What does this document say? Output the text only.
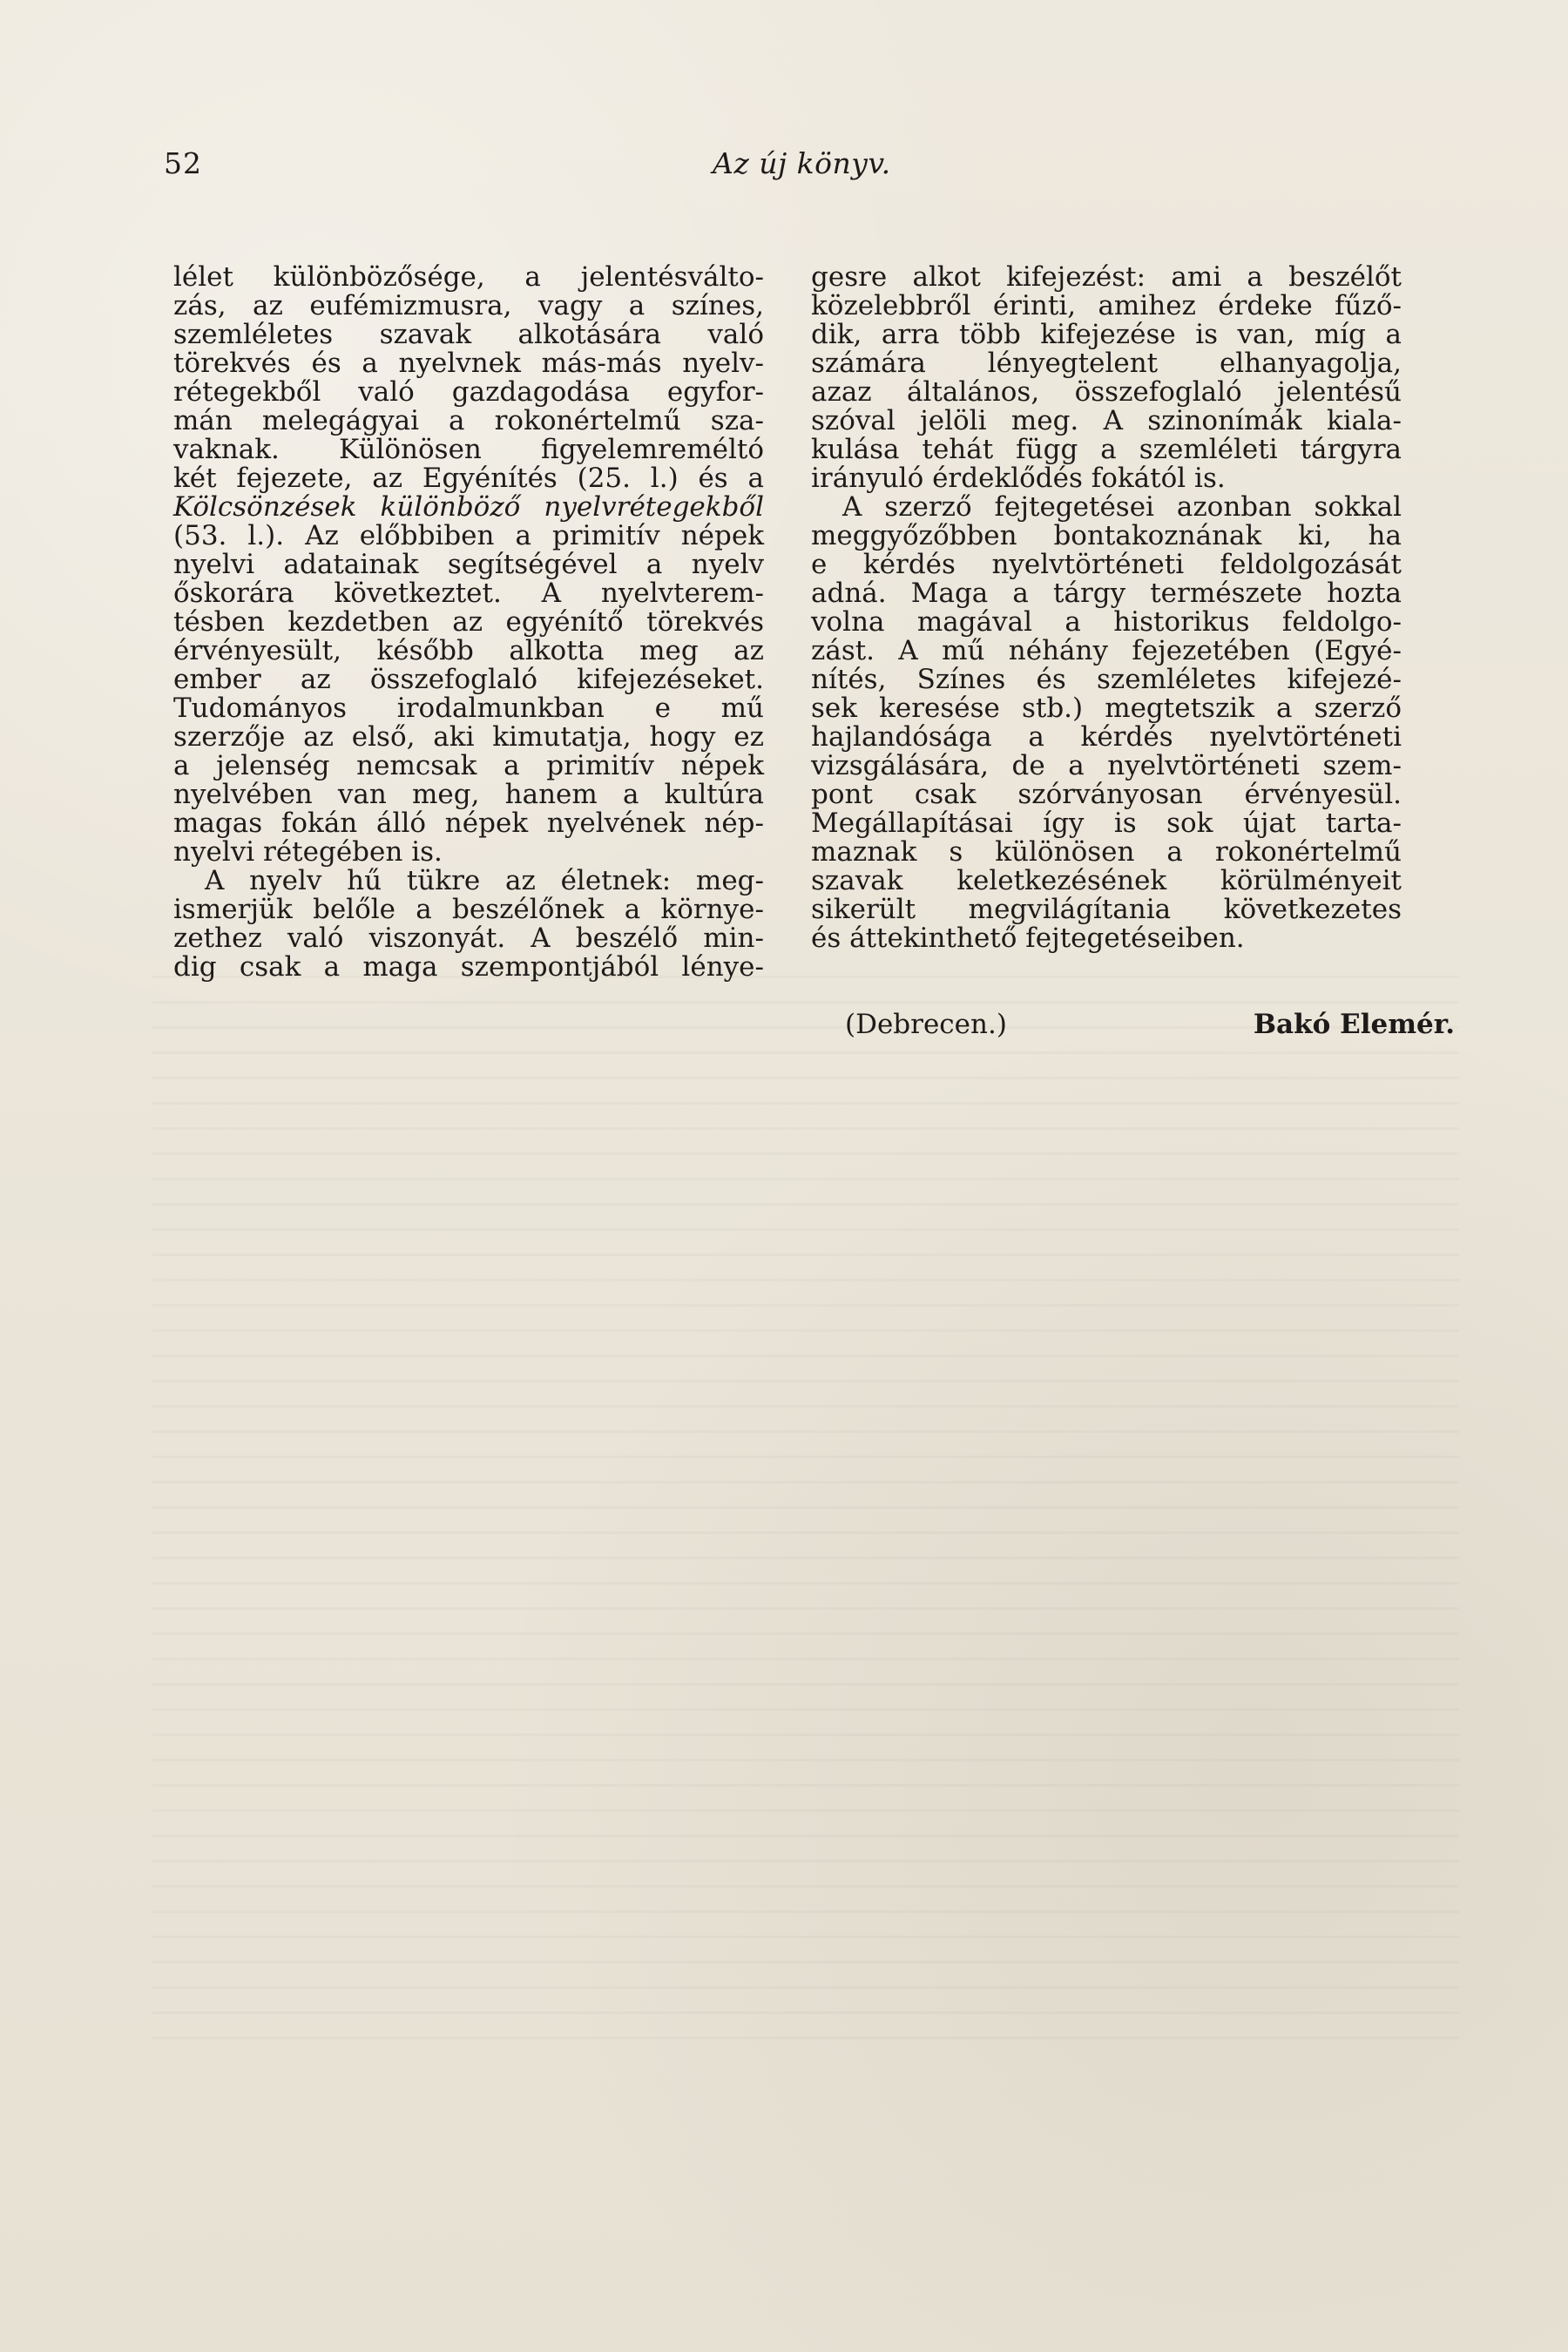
52	Az új könyv.
lélet különbözősége, a jelentésválto-
zás, az eufémizmusra, vagy a színes,
szemléletes szavak alkotására való
törekvés és a nyelvnek más-más nyelv-
rétegekből való gazdagodása egyfor-
mán melegágyai a rokonértelmű sza-
vaknak. Különösen figyelemreméltó
két fejezete, az Egyénítés (25. l.) és a
Kölcsönzések különböző nyelvrétegekből
(53. l.). Az előbbiben a primitív népek
nyelvi adatainak segítségével a nyelv
őskorára következtet. A nyelvterem-
tésben kezdetben az egyénítő törekvés
érvényesült, később alkotta meg az
ember az összefoglaló kifejezéseket.
Tudományos irodalmunkban e mű
szerzője az első, aki kimutatja, hogy ez
a jelenség nemcsak a primitív népek
nyelvében van meg, hanem a kultúra
magas fokán álló népek nyelvének nép-
nyelvi rétegében is.
A nyelv hű tükre az életnek: meg-
ismerjük belőle a beszélőnek a környe-
zethez való viszonyát. A beszélő min-
dig csak a maga szempontjából lénye-
gesre alkot kifejezést: ami a beszélőt
közelebbről érinti, amihez érdeke fűző-
dik, arra több kifejezése is van, míg a
számára lényegtelent elhanyagolja,
azaz általános, összefoglaló jelentésű
szóval jelöli meg. A szinonímák kiala-
kulása tehát függ a szemléleti tárgyra
irányuló érdeklődés fokától is.
A szerző fejtegetései azonban sokkal
meggyőzőbben bontakoznának ki, ha
e kérdés nyelvtörténeti feldolgozását
adná. Maga a tárgy természete hozta
volna magával a historikus feldolgo-
zást. A mű néhány fejezetében (Egyé-
nítés, Színes és szemléletes kifejezé-
sek keresése stb.) megtetszik a szerző
hajlandósága a kérdés nyelvtörténeti
vizsgálására, de a nyelvtörténeti szem-
pont csak szórványosan érvényesül.
Megállapításai így is sok újat tarta-
maznak s különösen a rokonértelmű
szavak keletkezésének körülményeit
sikerült megvilágítania következetes
és áttekinthető fejtegetéseiben.
(Debrecen.)	Bakó Elemér.
